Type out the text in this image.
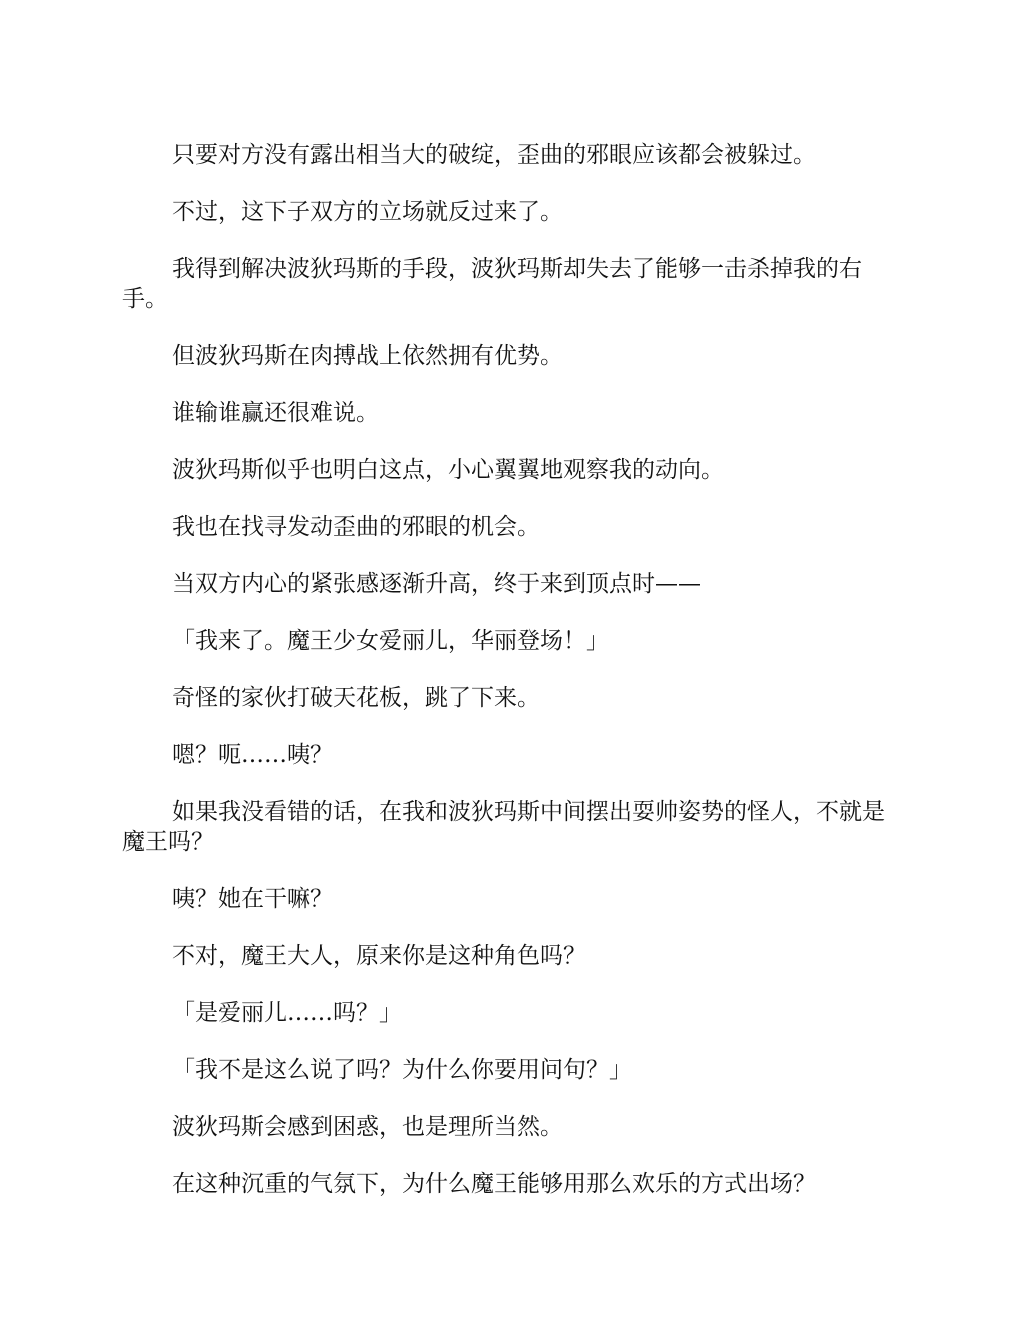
只要对方没有露出相当大的破绽，歪曲的邪眼应该都会被躲过。

不过，这下子双方的立场就反过来了。

我得到解决波狄玛斯的手段，波狄玛斯却失去了能够一击杀掉我的右手。

但波狄玛斯在肉搏战上依然拥有优势。

谁输谁赢还很难说。

波狄玛斯似乎也明白这点，小心翼翼地观察我的动向。

我也在找寻发动歪曲的邪眼的机会。

当双方内心的紧张感逐渐升高，终于来到顶点时——

「我来了。魔王少女爱丽儿，华丽登场！」

奇怪的家伙打破天花板，跳了下来。

嗯？呃……咦？

如果我没看错的话，在我和波狄玛斯中间摆出耍帅姿势的怪人，不就是魔王吗？

咦？她在干嘛？

不对，魔王大人，原来你是这种角色吗？

「是爱丽儿……吗？」

「我不是这么说了吗？为什么你要用问句？」

波狄玛斯会感到困惑，也是理所当然。

在这种沉重的气氛下，为什么魔王能够用那么欢乐的方式出场？
